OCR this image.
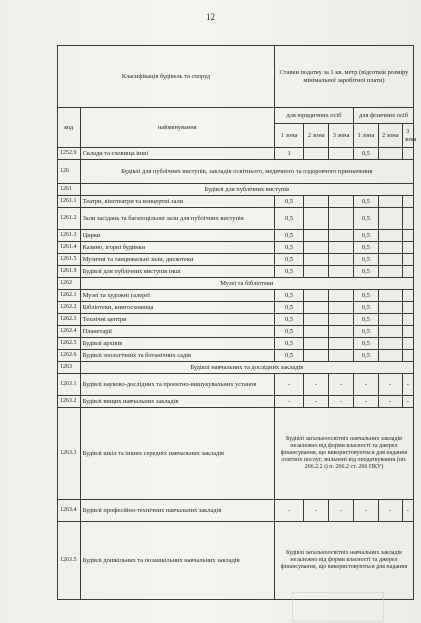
12
Класифікація будівель та споруд		Ставки податку за 1 кв. метр (відсотків розміру мінімальної заробітної плати)					
код	найменування	для юридичних осіб			для фізичних осіб		
		1 зона	2 зона	3 зона	1 зона	2 зона	3 зона
1252.9	Склади та сховища інші	1			0,5		
126	Будівлі для публічних виступів, закладів освітнього, медичного та оздоровчого призначення						
1261	Будівлі для публічних виступів						
1261.1	Театри, кінотеатри та концертні зали	0,5			0,5		
1261.2	Зали засідань та багатоцільові зали для публічних виступів	0,5			0,5		
1261.3	Цирки	0,5			0,5		
1261.4	Казино, ігорні будинки	0,5			0,5		
1261.5	Музичні та танцювальні зали, дискотеки	0,5			0,5		
1261.9	Будівлі для публічних виступів інші	0,5			0,5		
1262	Музеї та бібліотеки						
1262.1	Музеї та художні галереї	0,5			0,5		
1262.2	Бібліотеки, книгосховища	0,5			0,5		
1262.3	Технічні центри	0,5			0,5		
1262.4	Планетарії	0,5			0,5		
1262.5	Будівлі архівів	0,5			0,5		
1262.6	Будівлі зоологічних та ботанічних садів	0,5			0,5		
1263	Будівлі навчальних та дослідних закладів						
1263.1	Будівлі науково-дослідних та проектно-вишукувальних установ	-	-	-	-	-	-
1263.2	Будівлі вищих навчальних закладів	-	-	-	-	-	-
1263.3	Будівлі шкіл та інших середніх навчальних закладів	Будівлі загальноосвітніх навчальних закладів незалежно від форми власності та джерел фінансування, що використовуються для надання освітніх послуг, звільнені від оподаткування (пп. 266.2.2 і) п. 266.2 ст. 266 ПКУ)					
1263.4	Будівлі професійно-технічних навчальних закладів	-	-	-	-	-	-
1263.5	Будівлі дошкільних та позашкільних навчальних закладів	Будівлі загальноосвітніх навчальних закладів незалежно від форми власності та джерел фінансування, що використовуються для надання					
